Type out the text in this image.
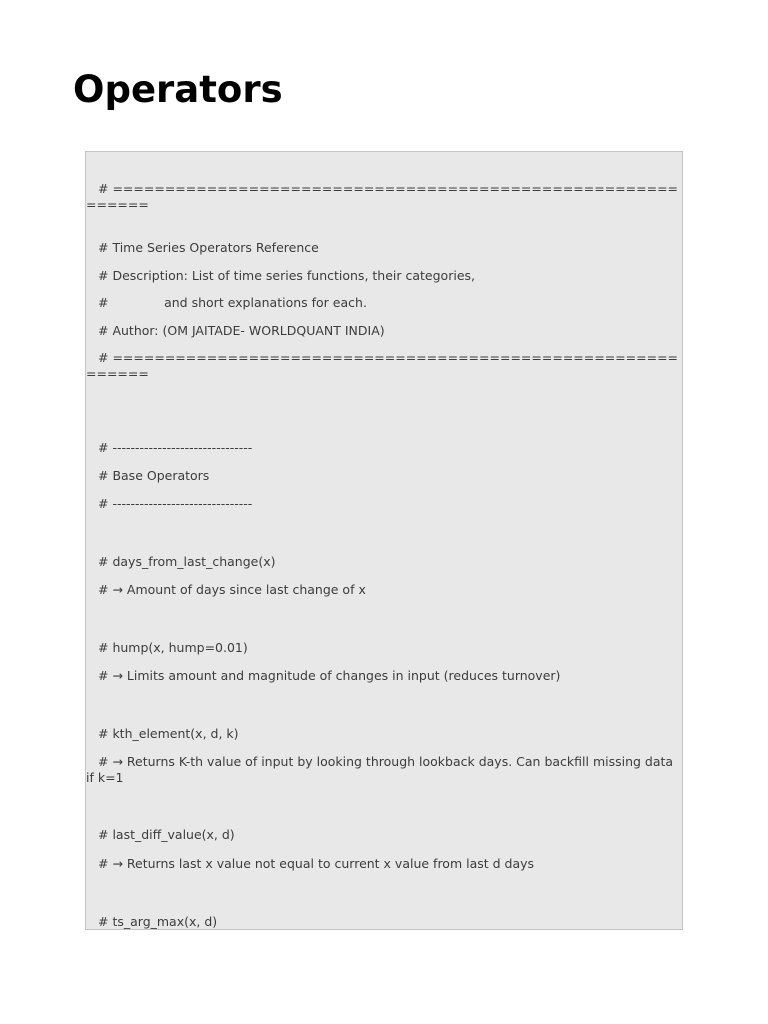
Operators
# ============================================================
# Time Series Operators Reference
# Description: List of time series functions, their categories,
#              and short explanations for each.
# Author: (OM JAITADE- WORLDQUANT INDIA)
# ============================================================
# -------------------------------
# Base Operators
# -------------------------------
# days_from_last_change(x)
# → Amount of days since last change of x
# hump(x, hump=0.01)
# → Limits amount and magnitude of changes in input (reduces turnover)
# kth_element(x, d, k)
# → Returns K-th value of input by looking through lookback days. Can backfill missing data if k=1
# last_diff_value(x, d)
# → Returns last x value not equal to current x value from last d days
# ts_arg_max(x, d)
